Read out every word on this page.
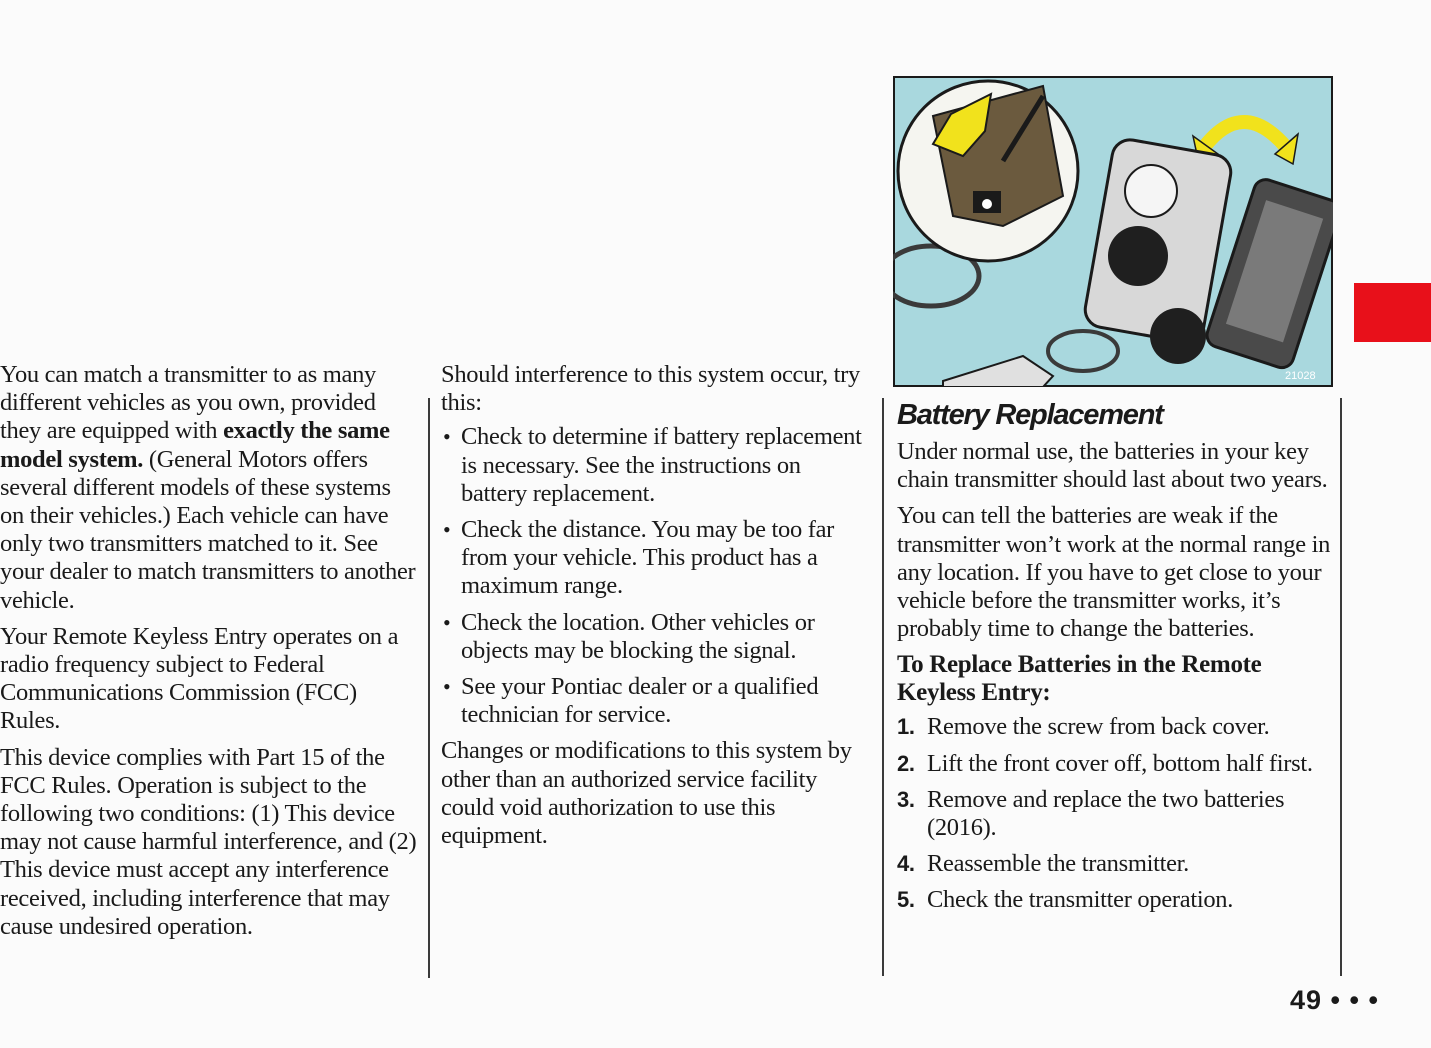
You can match a transmitter to as many different vehicles as you own, provided they are equipped with exactly the same model system. (General Motors offers several different models of these systems on their vehicles.) Each vehicle can have only two transmitters matched to it. See your dealer to match transmitters to another vehicle.

Your Remote Keyless Entry operates on a radio frequency subject to Federal Communications Commission (FCC) Rules.

This device complies with Part 15 of the FCC Rules. Operation is subject to the following two conditions: (1) This device may not cause harmful interference, and (2) This device must accept any interference received, including interference that may cause undesired operation.

Should interference to this system occur, try this:

• Check to determine if battery replacement is necessary. See the instructions on battery replacement.
• Check the distance. You may be too far from your vehicle. This product has a maximum range.
• Check the location. Other vehicles or objects may be blocking the signal.
• See your Pontiac dealer or a qualified technician for service.

Changes or modifications to this system by other than an authorized service facility could void authorization to use this equipment.

21028
Battery Replacement

Under normal use, the batteries in your key chain transmitter should last about two years.

You can tell the batteries are weak if the transmitter won’t work at the normal range in any location. If you have to get close to your vehicle before the transmitter works, it’s probably time to change the batteries.

To Replace Batteries in the Remote Keyless Entry:
1. Remove the screw from back cover.
2. Lift the front cover off, bottom half first.
3. Remove and replace the two batteries (2016).
4. Reassemble the transmitter.
5. Check the transmitter operation.
49 • • •
